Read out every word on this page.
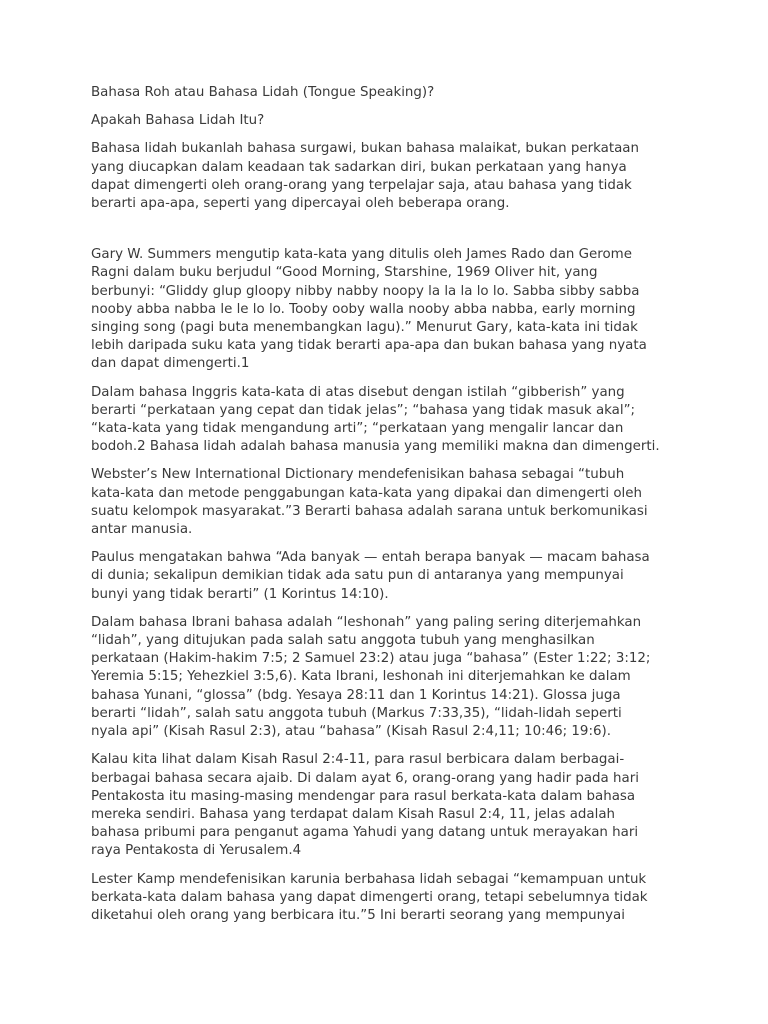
Bahasa Roh atau Bahasa Lidah (Tongue Speaking)?

Apakah Bahasa Lidah Itu?

Bahasa lidah bukanlah bahasa surgawi, bukan bahasa malaikat, bukan perkataan
yang diucapkan dalam keadaan tak sadarkan diri, bukan perkataan yang hanya
dapat dimengerti oleh orang-orang yang terpelajar saja, atau bahasa yang tidak
berarti apa-apa, seperti yang dipercayai oleh beberapa orang.

Gary W. Summers mengutip kata-kata yang ditulis oleh James Rado dan Gerome
Ragni dalam buku berjudul “Good Morning, Starshine, 1969 Oliver hit, yang
berbunyi: “Gliddy glup gloopy nibby nabby noopy la la la lo lo. Sabba sibby sabba
nooby abba nabba le le lo lo. Tooby ooby walla nooby abba nabba, early morning
singing song (pagi buta menembangkan lagu).” Menurut Gary, kata-kata ini tidak
lebih daripada suku kata yang tidak berarti apa-apa dan bukan bahasa yang nyata
dan dapat dimengerti.1

Dalam bahasa Inggris kata-kata di atas disebut dengan istilah “gibberish” yang
berarti “perkataan yang cepat dan tidak jelas”; “bahasa yang tidak masuk akal”;
“kata-kata yang tidak mengandung arti”; “perkataan yang mengalir lancar dan
bodoh.2 Bahasa lidah adalah bahasa manusia yang memiliki makna dan dimengerti.

Webster’s New International Dictionary mendefenisikan bahasa sebagai “tubuh
kata-kata dan metode penggabungan kata-kata yang dipakai dan dimengerti oleh
suatu kelompok masyarakat.”3 Berarti bahasa adalah sarana untuk berkomunikasi
antar manusia.

Paulus mengatakan bahwa “Ada banyak — entah berapa banyak — macam bahasa
di dunia; sekalipun demikian tidak ada satu pun di antaranya yang mempunyai
bunyi yang tidak berarti” (1 Korintus 14:10).

Dalam bahasa Ibrani bahasa adalah “leshonah” yang paling sering diterjemahkan
“lidah”, yang ditujukan pada salah satu anggota tubuh yang menghasilkan
perkataan (Hakim-hakim 7:5; 2 Samuel 23:2) atau juga “bahasa” (Ester 1:22; 3:12;
Yeremia 5:15; Yehezkiel 3:5,6). Kata Ibrani, leshonah ini diterjemahkan ke dalam
bahasa Yunani, “glossa” (bdg. Yesaya 28:11 dan 1 Korintus 14:21). Glossa juga
berarti “lidah”, salah satu anggota tubuh (Markus 7:33,35), “lidah-lidah seperti
nyala api” (Kisah Rasul 2:3), atau “bahasa” (Kisah Rasul 2:4,11; 10:46; 19:6).

Kalau kita lihat dalam Kisah Rasul 2:4-11, para rasul berbicara dalam berbagai-
berbagai bahasa secara ajaib. Di dalam ayat 6, orang-orang yang hadir pada hari
Pentakosta itu masing-masing mendengar para rasul berkata-kata dalam bahasa
mereka sendiri. Bahasa yang terdapat dalam Kisah Rasul 2:4, 11, jelas adalah
bahasa pribumi para penganut agama Yahudi yang datang untuk merayakan hari
raya Pentakosta di Yerusalem.4

Lester Kamp mendefenisikan karunia berbahasa lidah sebagai “kemampuan untuk
berkata-kata dalam bahasa yang dapat dimengerti orang, tetapi sebelumnya tidak
diketahui oleh orang yang berbicara itu.”5 Ini berarti seorang yang mempunyai
